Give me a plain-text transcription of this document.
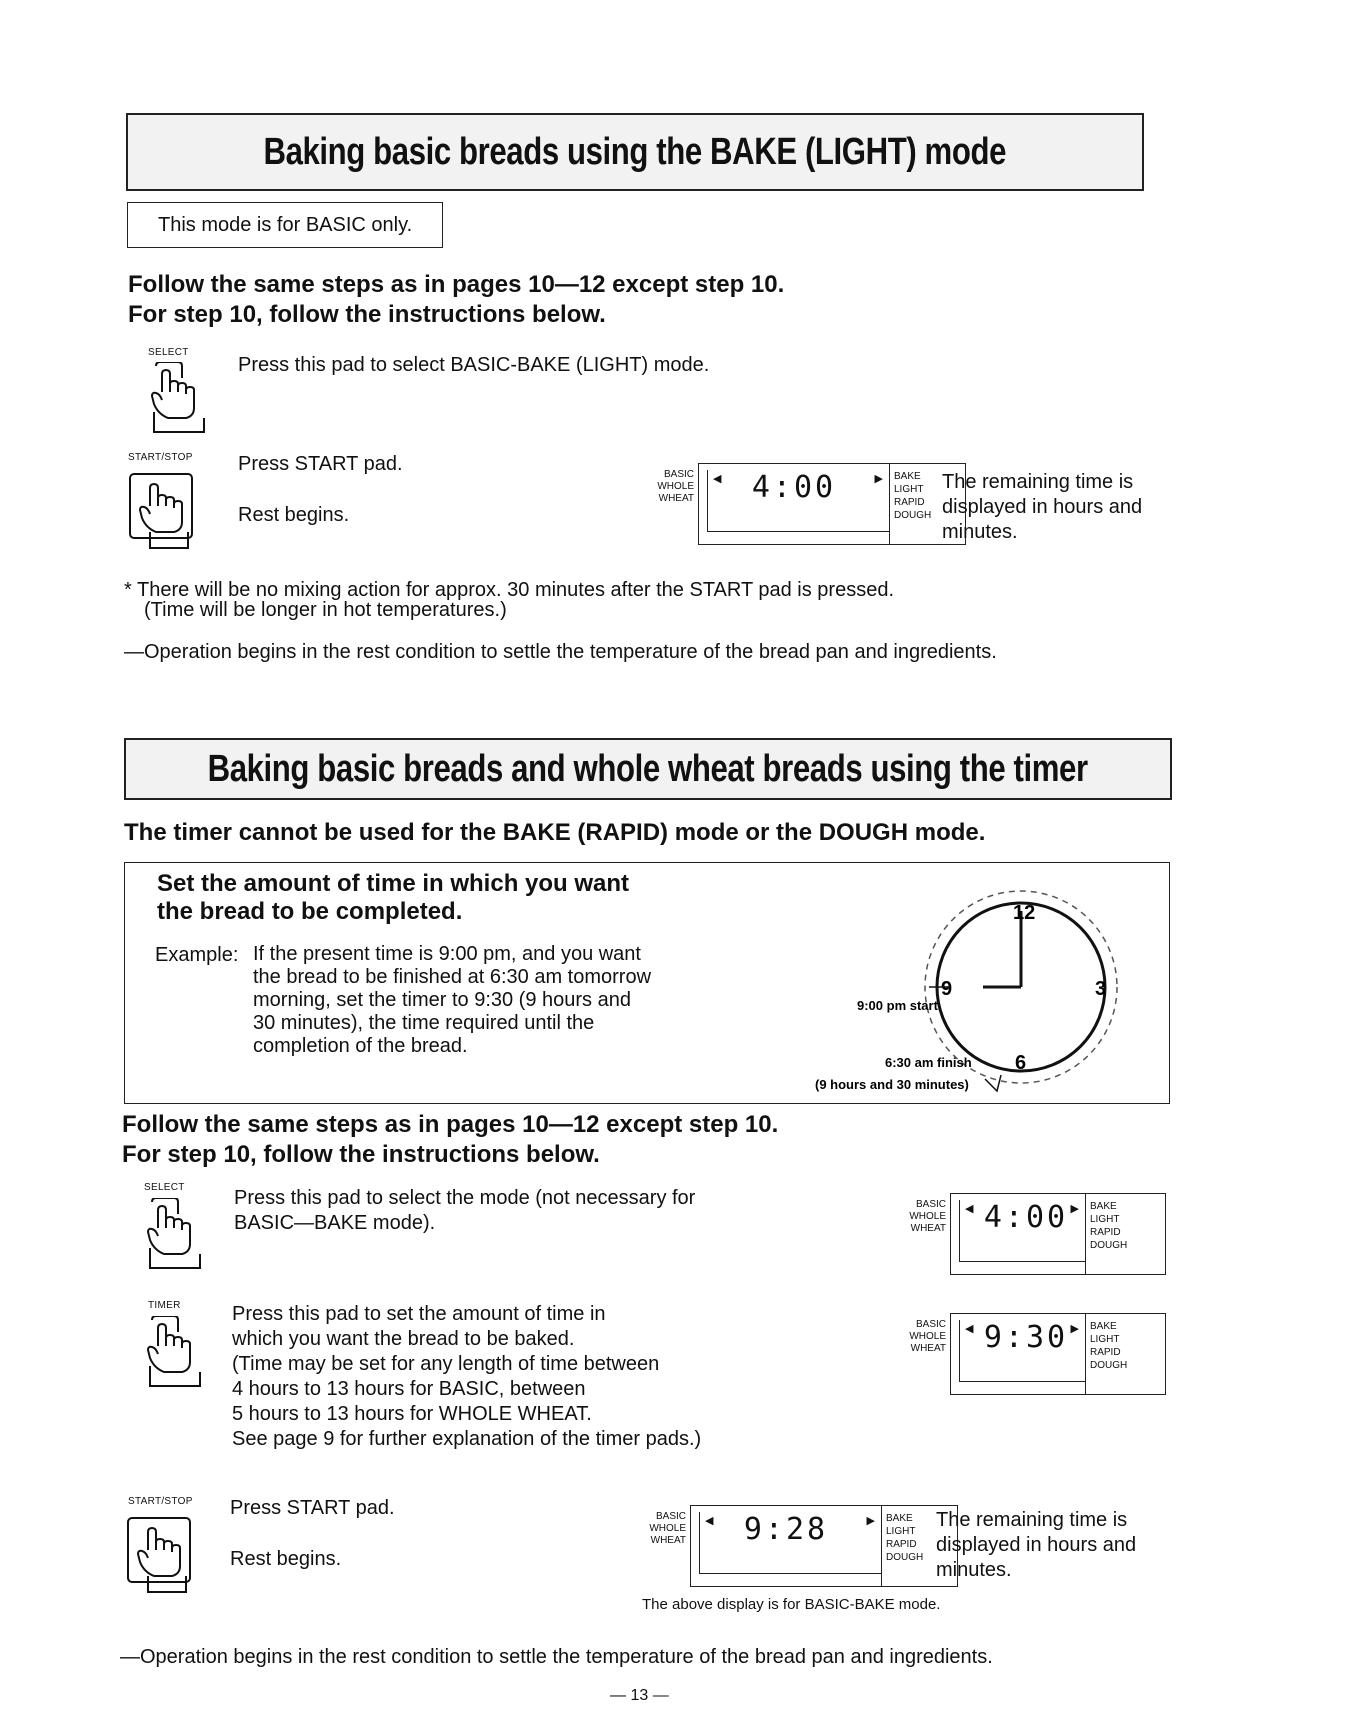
Baking basic breads using the BAKE (LIGHT) mode
This mode is for BASIC only.
Follow the same steps as in pages 10—12 except step 10.
For step 10, follow the instructions below.
SELECT
Press this pad to select BASIC-BAKE (LIGHT) mode.
START/STOP Press START pad.
Rest begins.
BASIC
WHOLE
WHEAT
◀	4:00	▶ BAKE
LIGHT
RAPID
DOUGH
The remaining time is
displayed in hours and
minutes.
* There will be no mixing action for approx. 30 minutes after the START pad is pressed.
(Time will be longer in hot temperatures.)
—Operation begins in the rest condition to settle the temperature of the bread pan and ingredients.
Baking basic breads and whole wheat breads using the timer
The timer cannot be used for the BAKE (RAPID) mode or the DOUGH mode.
Set the amount of time in which you want
the bread to be completed.
Example: If the present time is 9:00 pm, and you want
the bread to be finished at 6:30 am tomorrow
morning, set the timer to 9:30 (9 hours and
30 minutes), the time required until the
completion of the bread.
12
3
6
9
9:00 pm start
6:30 am finish
(9 hours and 30 minutes)
Follow the same steps as in pages 10—12 except step 10.
For step 10, follow the instructions below.
SELECT Press this pad to select the mode (not necessary for
BASIC—BAKE mode).
BASIC
WHOLE
WHEAT
◀ 4:00 ▶ BAKE
LIGHT
RAPID
DOUGH
TIMER	Press this pad to set the amount of time in
which you want the bread to be baked.
(Time may be set for any length of time between
4 hours to 13 hours for BASIC, between
5 hours to 13 hours for WHOLE WHEAT.
See page 9 for further explanation of the timer pads.)
BASIC
WHOLE
WHEAT
◀ 9:30 ▶ BAKE
LIGHT
RAPID
DOUGH
START/STOP Press START pad.
Rest begins.
BASIC
WHOLE
WHEAT
◀	9:28	▶ BAKE
LIGHT
RAPID
DOUGH
The above display is for BASIC-BAKE mode.
The remaining time is
displayed in hours and
minutes.
—Operation begins in the rest condition to settle the temperature of the bread pan and ingredients.
— 13 —
